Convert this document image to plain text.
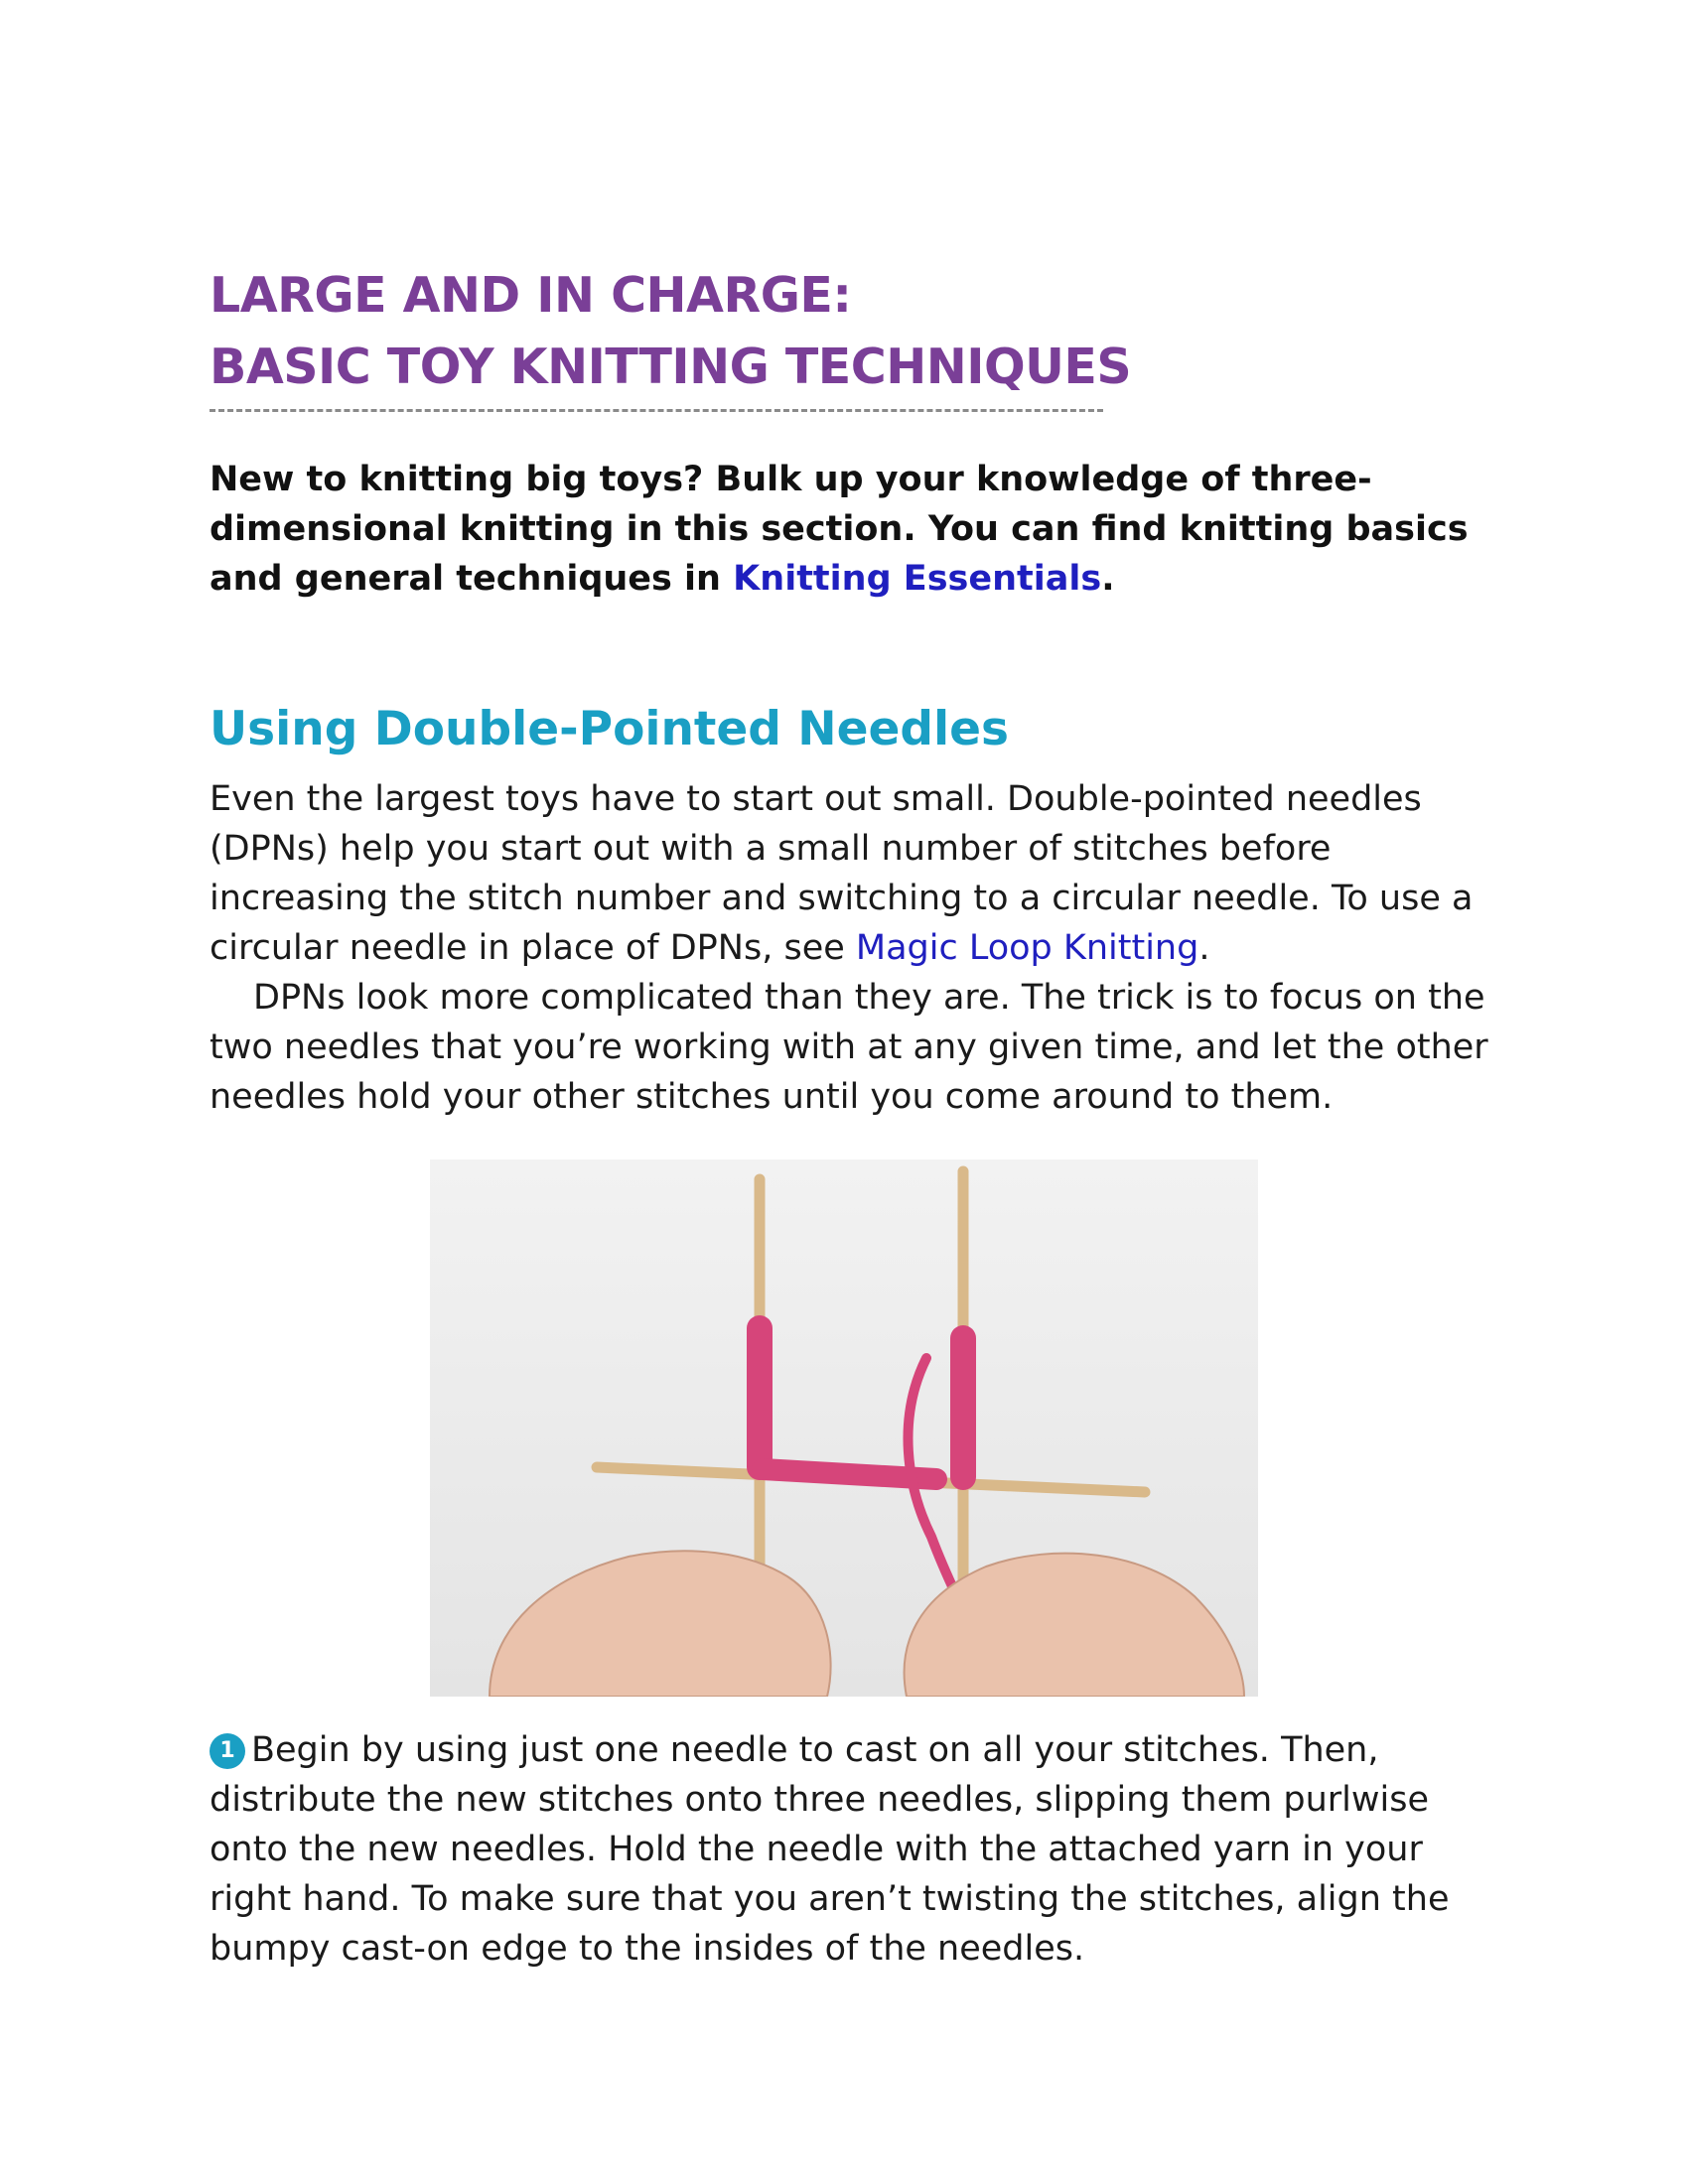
LARGE AND IN CHARGE:
BASIC TOY KNITTING TECHNIQUES

New to knitting big toys? Bulk up your knowledge of three-dimensional knitting in this section. You can find knitting basics and general techniques in Knitting Essentials.

Using Double-Pointed Needles

Even the largest toys have to start out small. Double-pointed needles (DPNs) help you start out with a small number of stitches before increasing the stitch number and switching to a circular needle. To use a circular needle in place of DPNs, see Magic Loop Knitting.

DPNs look more complicated than they are. The trick is to focus on the two needles that you’re working with at any given time, and let the other needles hold your other stitches until you come around to them.

1 Begin by using just one needle to cast on all your stitches. Then, distribute the new stitches onto three needles, slipping them purlwise onto the new needles. Hold the needle with the attached yarn in your right hand. To make sure that you aren’t twisting the stitches, align the bumpy cast-on edge to the insides of the needles.
